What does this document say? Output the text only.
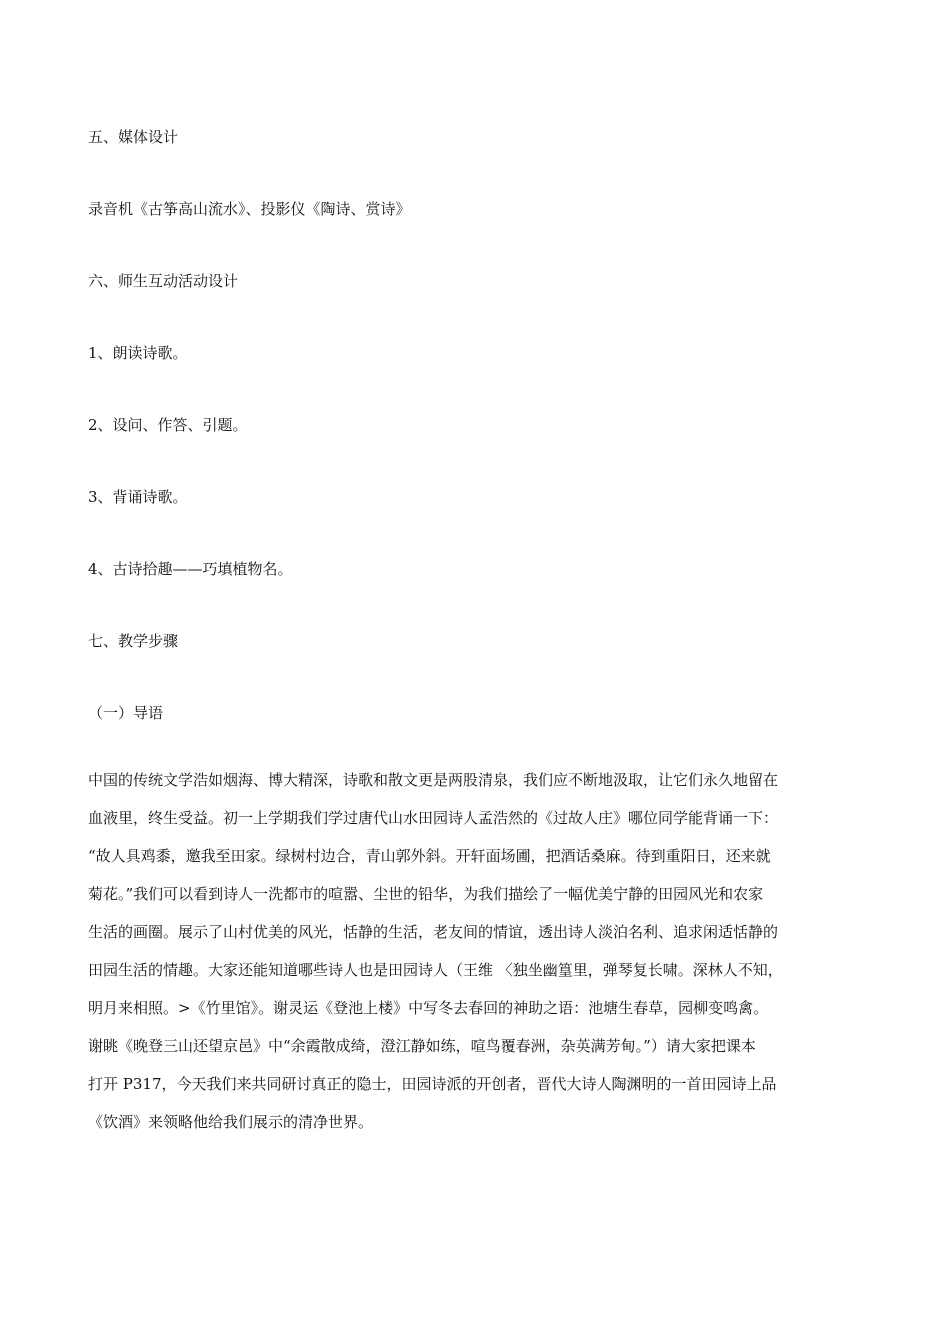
五、媒体设计
录音机《古筝高山流水》、投影仪《陶诗、赏诗》
六、师生互动活动设计
1、朗读诗歌。
2、设问、作答、引题。
3、背诵诗歌。
4、古诗拾趣——巧填植物名。
七、教学步骤
（一）导语
中国的传统文学浩如烟海、博大精深，诗歌和散文更是两股清泉，我们应不断地汲取，让它们永久地留在
血液里，终生受益。初一上学期我们学过唐代山水田园诗人孟浩然的《过故人庄》哪位同学能背诵一下：
“故人具鸡黍，邀我至田家。绿树村边合，青山郭外斜。开轩面场圃，把酒话桑麻。待到重阳日，还来就
菊花。”我们可以看到诗人一洗都市的喧嚣、尘世的铅华，为我们描绘了一幅优美宁静的田园风光和农家
生活的画圈。展示了山村优美的风光，恬静的生活，老友间的情谊，透出诗人淡泊名利、追求闲适恬静的
田园生活的情趣。大家还能知道哪些诗人也是田园诗人（王维 〈独坐幽篁里，弹琴复长啸。深林人不知，
明月来相照。>《竹里馆》。谢灵运《登池上楼》中写冬去春回的神助之语：池塘生春草，园柳变鸣禽。
谢眺《晚登三山还望京邑》中“余霞散成绮，澄江静如练，喧鸟覆春洲，杂英满芳甸。”）请大家把课本
打开 P317，今天我们来共同研讨真正的隐士，田园诗派的开创者，晋代大诗人陶渊明的一首田园诗上品
《饮酒》来领略他给我们展示的清净世界。
